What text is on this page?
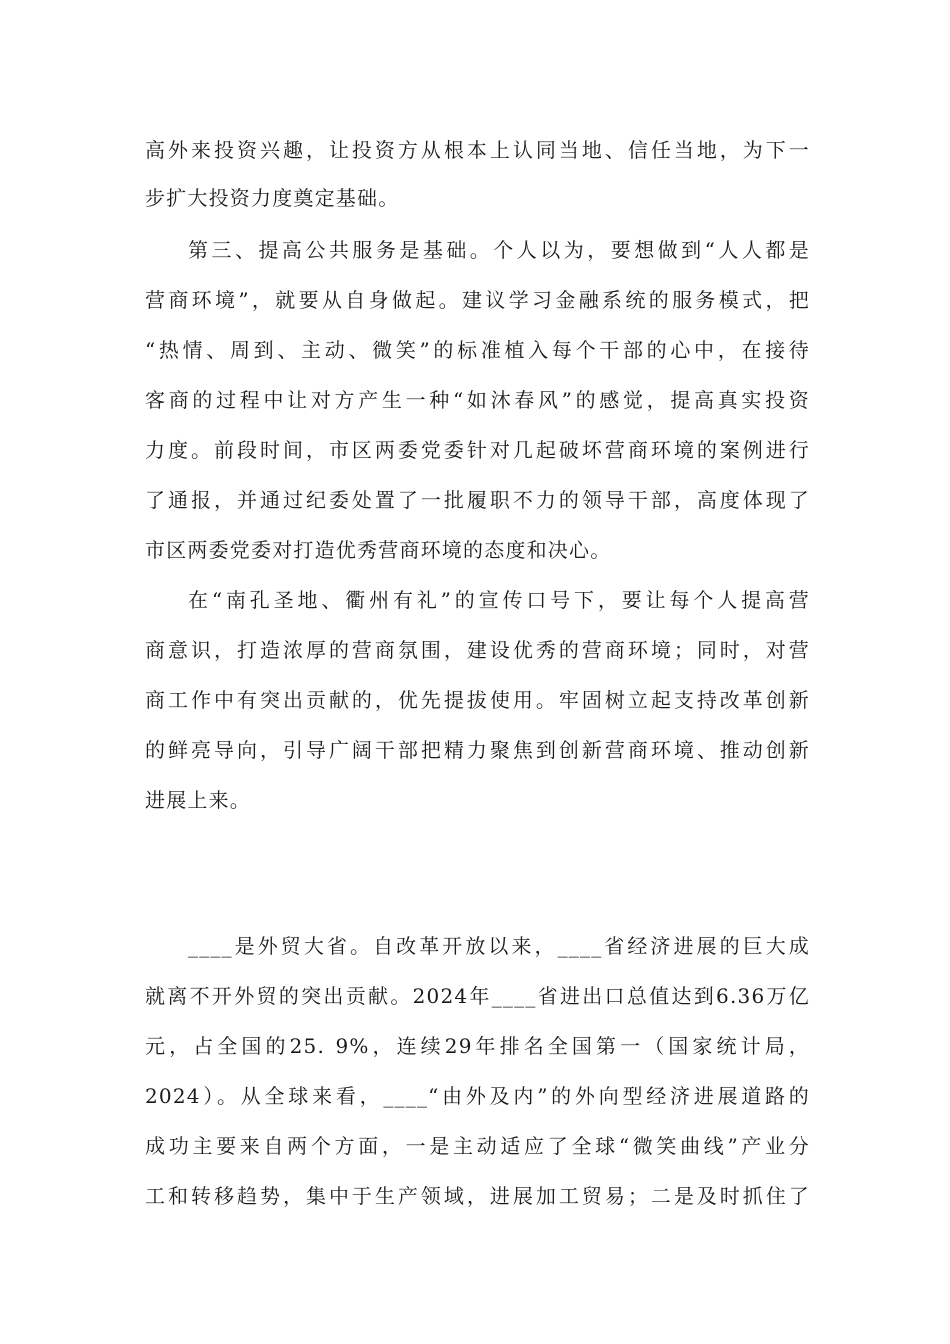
高外来投资兴趣，让投资方从根本上认同当地、信任当地，为下一
步扩大投资力度奠定基础。
第三、提高公共服务是基础。个人以为，要想做到“人人都是
营商环境”，就要从自身做起。建议学习金融系统的服务模式，把
“热情、周到、主动、微笑”的标准植入每个干部的心中，在接待
客商的过程中让对方产生一种“如沐春风”的感觉，提高真实投资
力度。前段时间，市区两委党委针对几起破坏营商环境的案例进行
了通报，并通过纪委处置了一批履职不力的领导干部，高度体现了
市区两委党委对打造优秀营商环境的态度和决心。
在“南孔圣地、衢州有礼”的宣传口号下，要让每个人提高营
商意识，打造浓厚的营商氛围，建设优秀的营商环境；同时，对营
商工作中有突出贡献的，优先提拔使用。牢固树立起支持改革创新
的鲜亮导向，引导广阔干部把精力聚焦到创新营商环境、推动创新
进展上来。
____是外贸大省。自改革开放以来，____省经济进展的巨大成
就离不开外贸的突出贡献。2024年____省进出口总值达到6.36万亿
元，占全国的25. 9%，连续29年排名全国第一（国家统计局，
2024）。从全球来看，____“由外及内”的外向型经济进展道路的
成功主要来自两个方面，一是主动适应了全球“微笑曲线”产业分
工和转移趋势，集中于生产领域，进展加工贸易；二是及时抓住了
